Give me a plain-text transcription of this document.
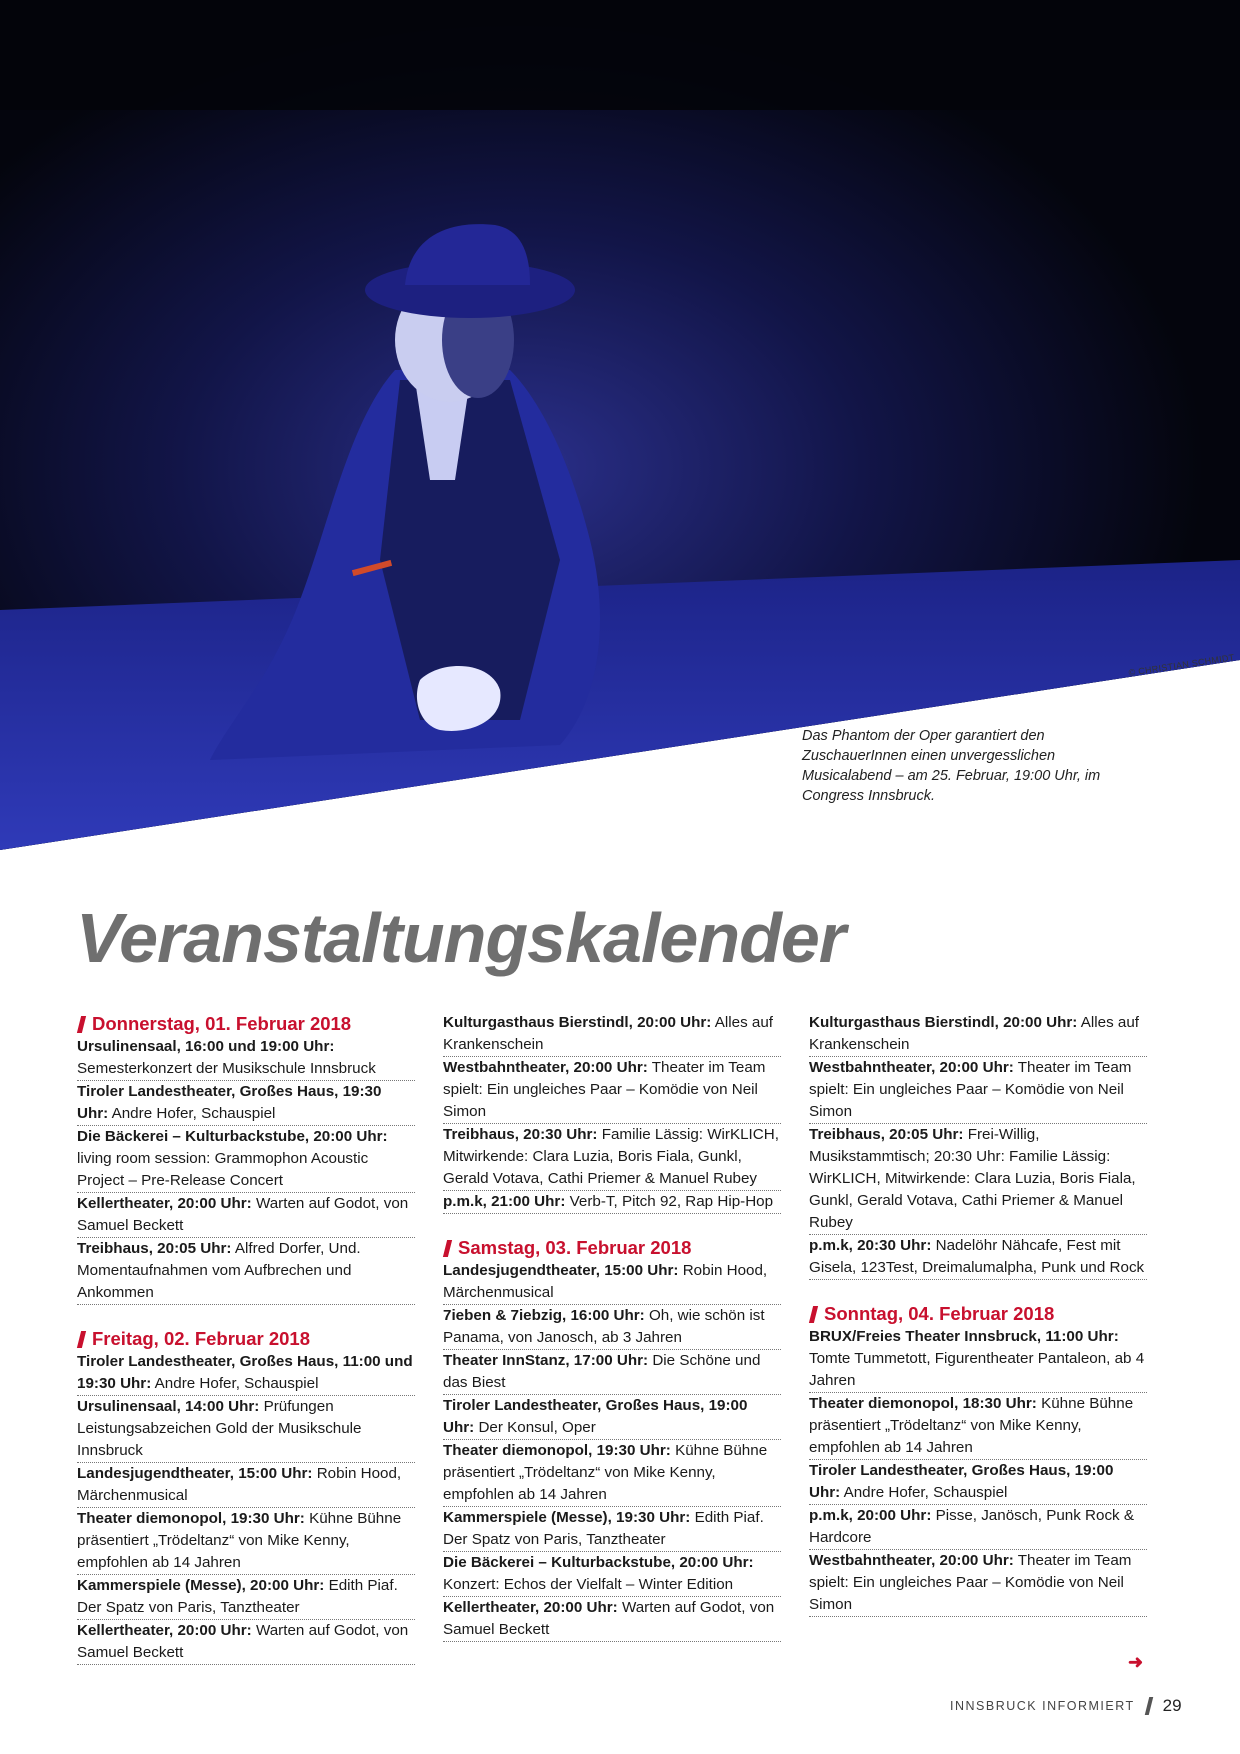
© CHRISTIAN SCHMIDT
Das Phantom der Oper garantiert den ZuschauerInnen einen unvergesslichen Musicalabend – am 25. Februar, 19:00 Uhr, im Congress Innsbruck.
Veranstaltungskalender
Donnerstag, 01. Februar 2018
Ursulinensaal, 16:00 und 19:00 Uhr: Semesterkonzert der Musikschule Innsbruck
Tiroler Landestheater, Großes Haus, 19:30 Uhr: Andre Hofer, Schauspiel
Die Bäckerei – Kulturbackstube, 20:00 Uhr: living room session: Grammophon Acoustic Project – Pre-Release Concert
Kellertheater, 20:00 Uhr: Warten auf Godot, von Samuel Beckett
Treibhaus, 20:05 Uhr: Alfred Dorfer, Und. Momentaufnahmen vom Aufbrechen und Ankommen
Freitag, 02. Februar 2018
Tiroler Landestheater, Großes Haus, 11:00 und 19:30 Uhr: Andre Hofer, Schauspiel
Ursulinensaal, 14:00 Uhr: Prüfungen Leistungsabzeichen Gold der Musikschule Innsbruck
Landesjugendtheater, 15:00 Uhr: Robin Hood, Märchenmusical
Theater diemonopol, 19:30 Uhr: Kühne Bühne präsentiert „Trödeltanz“ von Mike Kenny, empfohlen ab 14 Jahren
Kammerspiele (Messe), 20:00 Uhr: Edith Piaf. Der Spatz von Paris, Tanztheater
Kellertheater, 20:00 Uhr: Warten auf Godot, von Samuel Beckett
Kulturgasthaus Bierstindl, 20:00 Uhr: Alles auf Krankenschein
Westbahntheater, 20:00 Uhr: Theater im Team spielt: Ein ungleiches Paar – Komödie von Neil Simon
Treibhaus, 20:30 Uhr: Familie Lässig: WirKLICH, Mitwirkende: Clara Luzia, Boris Fiala, Gunkl, Gerald Votava, Cathi Priemer & Manuel Rubey
p.m.k, 21:00 Uhr: Verb-T, Pitch 92, Rap Hip-Hop
Samstag, 03. Februar 2018
Landesjugendtheater, 15:00 Uhr: Robin Hood, Märchenmusical
7ieben & 7iebzig, 16:00 Uhr: Oh, wie schön ist Panama, von Janosch, ab 3 Jahren
Theater InnStanz, 17:00 Uhr: Die Schöne und das Biest
Tiroler Landestheater, Großes Haus, 19:00 Uhr: Der Konsul, Oper
Theater diemonopol, 19:30 Uhr: Kühne Bühne präsentiert „Trödeltanz“ von Mike Kenny, empfohlen ab 14 Jahren
Kammerspiele (Messe), 19:30 Uhr: Edith Piaf. Der Spatz von Paris, Tanztheater
Die Bäckerei – Kulturbackstube, 20:00 Uhr: Konzert: Echos der Vielfalt – Winter Edition
Kellertheater, 20:00 Uhr: Warten auf Godot, von Samuel Beckett
Kulturgasthaus Bierstindl, 20:00 Uhr: Alles auf Krankenschein
Westbahntheater, 20:00 Uhr: Theater im Team spielt: Ein ungleiches Paar – Komödie von Neil Simon
Treibhaus, 20:05 Uhr: Frei-Willig, Musikstammtisch; 20:30 Uhr: Familie Lässig: WirKLICH, Mitwirkende: Clara Luzia, Boris Fiala, Gunkl, Gerald Votava, Cathi Priemer & Manuel Rubey
p.m.k, 20:30 Uhr: Nadelöhr Nähcafe, Fest mit Gisela, 123Test, Dreimalumalpha, Punk und Rock
Sonntag, 04. Februar 2018
BRUX/Freies Theater Innsbruck, 11:00 Uhr: Tomte Tummetott, Figurentheater Pantaleon, ab 4 Jahren
Theater diemonopol, 18:30 Uhr: Kühne Bühne präsentiert „Trödeltanz“ von Mike Kenny, empfohlen ab 14 Jahren
Tiroler Landestheater, Großes Haus, 19:00 Uhr: Andre Hofer, Schauspiel
p.m.k, 20:00 Uhr: Pisse, Janösch, Punk Rock & Hardcore
Westbahntheater, 20:00 Uhr: Theater im Team spielt: Ein ungleiches Paar – Komödie von Neil Simon
➜
INNSBRUCK INFORMIERT 29
